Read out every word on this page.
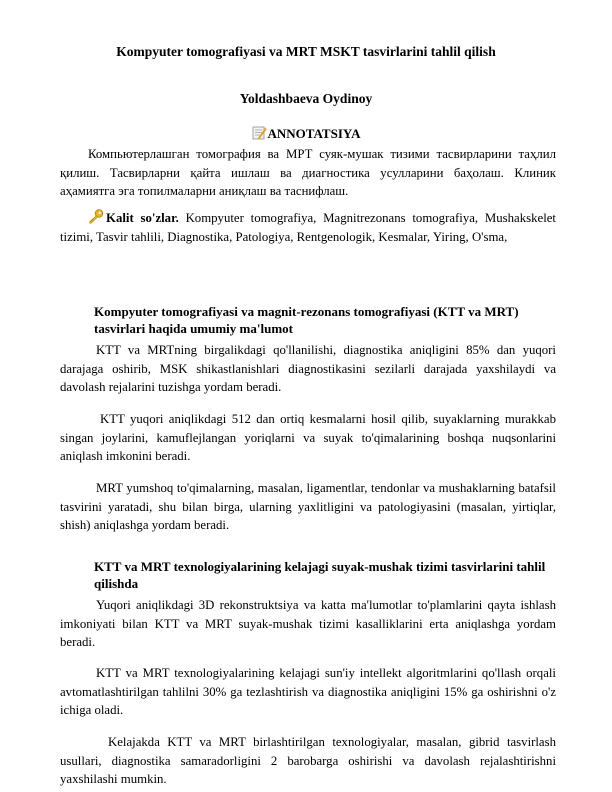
Kompyuter tomografiyasi va MRT MSKT tasvirlarini tahlil qilish
Yoldashbaeva Oydinoy
ANNOTATSIYA
Компьютерлашган томография ва МРТ суяк-мушак тизими тасвирларини таҳлил қилиш. Тасвирларни қайта ишлаш ва диагностика усулларини баҳолаш. Клиник аҳамиятга эга топилмаларни аниқлаш ва таснифлаш.
Kalit so'zlar. Kompyuter tomografiya, Magnitrezonans tomografiya, Mushakskelet tizimi, Tasvir tahlili, Diagnostika, Patologiya, Rentgenologik, Kesmalar, Yiring, O'sma,
Kompyuter tomografiyasi va magnit-rezonans tomografiyasi (KTT va MRT) tasvirlari haqida umumiy ma'lumot
KTT va MRTning birgalikdagi qo'llanilishi, diagnostika aniqligini 85% dan yuqori darajaga oshirib, MSK shikastlanishlari diagnostikasini sezilarli darajada yaxshilaydi va davolash rejalarini tuzishga yordam beradi.
KTT yuqori aniqlikdagi 512 dan ortiq kesmalarni hosil qilib, suyaklarning murakkab singan joylarini, kamuflejlangan yoriqlarni va suyak to'qimalarining boshqa nuqsonlarini aniqlash imkonini beradi.
MRT yumshoq to'qimalarning, masalan, ligamentlar, tendonlar va mushaklarning batafsil tasvirini yaratadi, shu bilan birga, ularning yaxlitligini va patologiyasini (masalan, yirtiqlar, shish) aniqlashga yordam beradi.
KTT va MRT texnologiyalarining kelajagi suyak-mushak tizimi tasvirlarini tahlil qilishda
Yuqori aniqlikdagi 3D rekonstruktsiya va katta ma'lumotlar to'plamlarini qayta ishlash imkoniyati bilan KTT va MRT suyak-mushak tizimi kasalliklarini erta aniqlashga yordam beradi.
KTT va MRT texnologiyalarining kelajagi sun'iy intellekt algoritmlarini qo'llash orqali avtomatlashtirilgan tahlilni 30% ga tezlashtirish va diagnostika aniqligini 15% ga oshirishni o'z ichiga oladi.
Kelajakda KTT va MRT birlashtirilgan texnologiyalar, masalan, gibrid tasvirlash usullari, diagnostika samaradorligini 2 barobarga oshirishi va davolash rejalashtirishni yaxshilashi mumkin.
